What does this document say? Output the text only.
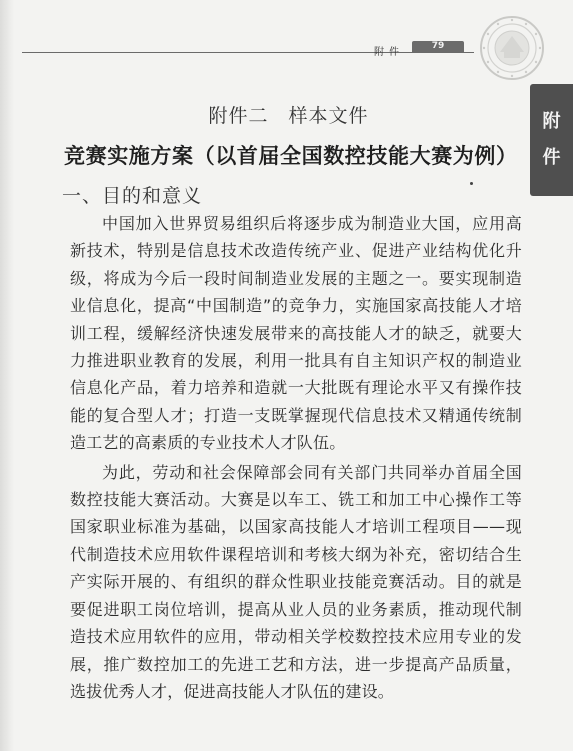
附件
79
附
件
附件二　样本文件
竞赛实施方案（以首届全国数控技能大赛为例）
一、目的和意义

中国加入世界贸易组织后将逐步成为制造业大国，应用高新技术，特别是信息技术改造传统产业、促进产业结构优化升级，将成为今后一段时间制造业发展的主题之一。要实现制造业信息化，提高“中国制造”的竞争力，实施国家高技能人才培训工程，缓解经济快速发展带来的高技能人才的缺乏，就要大力推进职业教育的发展，利用一批具有自主知识产权的制造业信息化产品，着力培养和造就一大批既有理论水平又有操作技能的复合型人才；打造一支既掌握现代信息技术又精通传统制造工艺的高素质的专业技术人才队伍。

为此，劳动和社会保障部会同有关部门共同举办首届全国数控技能大赛活动。大赛是以车工、铣工和加工中心操作工等国家职业标准为基础，以国家高技能人才培训工程项目——现代制造技术应用软件课程培训和考核大纲为补充，密切结合生产实际开展的、有组织的群众性职业技能竞赛活动。目的就是要促进职工岗位培训，提高从业人员的业务素质，推动现代制造技术应用软件的应用，带动相关学校数控技术应用专业的发展，推广数控加工的先进工艺和方法，进一步提高产品质量，选拔优秀人才，促进高技能人才队伍的建设。
